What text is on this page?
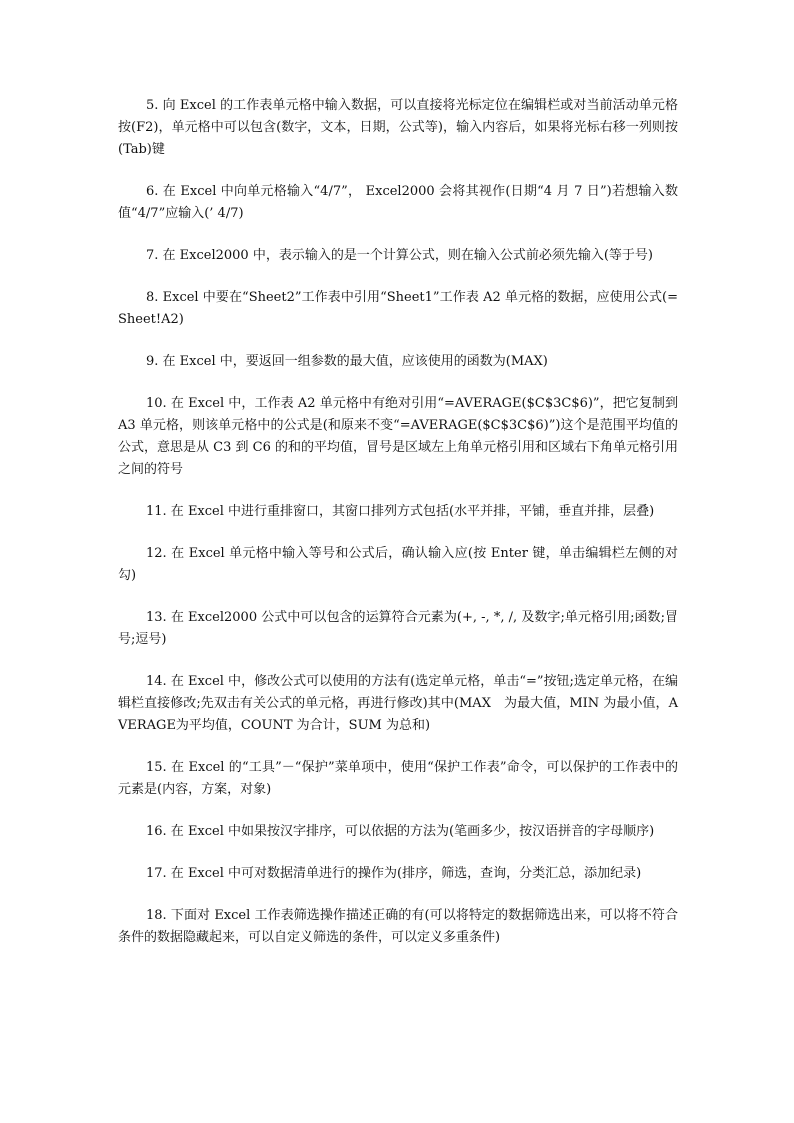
5. 向 Excel 的工作表单元格中输入数据，可以直接将光标定位在编辑栏或对当前活动单元格按(F2)，单元格中可以包含(数字，文本，日期，公式等)，输入内容后，如果将光标右移一列则按(Tab)键

6. 在 Excel 中向单元格输入“4/7”， Excel2000 会将其视作(日期“4 月 7 日”)若想输入数值“4/7”应输入(’ 4/7)

7. 在 Excel2000 中，表示输入的是一个计算公式，则在输入公式前必须先输入(等于号)

8. Excel 中要在“Sheet2”工作表中引用“Sheet1”工作表 A2 单元格的数据，应使用公式(=Sheet!A2)

9. 在 Excel 中，要返回一组参数的最大值，应该使用的函数为(MAX)

10. 在 Excel 中，工作表 A2 单元格中有绝对引用“=AVERAGE($C$3C$6)”，把它复制到 A3 单元格，则该单元格中的公式是(和原来不变“=AVERAGE($C$3C$6)”)这个是范围平均值的公式，意思是从 C3 到 C6 的和的平均值，冒号是区域左上角单元格引用和区域右下角单元格引用之间的符号

11. 在 Excel 中进行重排窗口，其窗口排列方式包括(水平并排，平铺，垂直并排，层叠)

12. 在 Excel 单元格中输入等号和公式后，确认输入应(按 Enter 键，单击编辑栏左侧的对勾)

13. 在 Excel2000 公式中可以包含的运算符合元素为(+, -, *, /, 及数字;单元格引用;函数;冒号;逗号)

14. 在 Excel 中，修改公式可以使用的方法有(选定单元格，单击“=”按钮;选定单元格，在编辑栏直接修改;先双击有关公式的单元格，再进行修改)其中(MAX　为最大值，MIN 为最小值，AVERAGE为平均值，COUNT 为合计，SUM 为总和)

15. 在 Excel 的“工具”－“保护”菜单项中，使用“保护工作表”命令，可以保护的工作表中的元素是(内容，方案，对象)

16. 在 Excel 中如果按汉字排序，可以依据的方法为(笔画多少，按汉语拼音的字母顺序)

17. 在 Excel 中可对数据清单进行的操作为(排序，筛选，查询，分类汇总，添加纪录)

18. 下面对 Excel 工作表筛选操作描述正确的有(可以将特定的数据筛选出来，可以将不符合条件的数据隐藏起来，可以自定义筛选的条件，可以定义多重条件)
